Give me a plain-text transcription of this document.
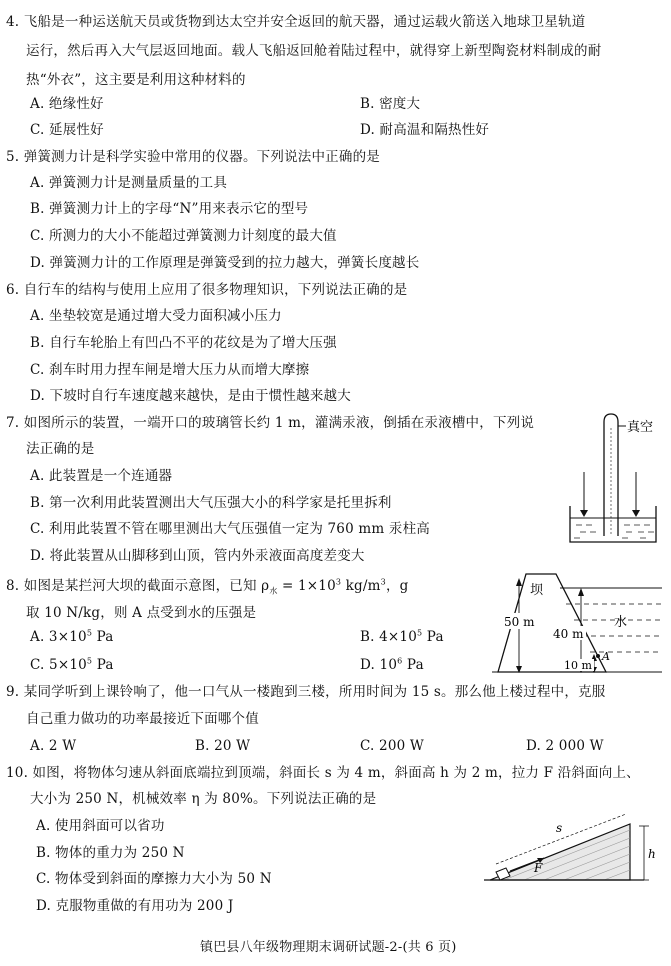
4. 飞船是一种运送航天员或货物到达太空并安全返回的航天器，通过运载火箭送入地球卫星轨道
运行，然后再入大气层返回地面。载人飞船返回舱着陆过程中，就得穿上新型陶瓷材料制成的耐
热“外衣”，这主要是利用这种材料的
A. 绝缘性好	B. 密度大
C. 延展性好	D. 耐高温和隔热性好
5. 弹簧测力计是科学实验中常用的仪器。下列说法中正确的是
A. 弹簧测力计是测量质量的工具
B. 弹簧测力计上的字母“N”用来表示它的型号
C. 所测力的大小不能超过弹簧测力计刻度的最大值
D. 弹簧测力计的工作原理是弹簧受到的拉力越大，弹簧长度越长
6. 自行车的结构与使用上应用了很多物理知识，下列说法正确的是
A. 坐垫较宽是通过增大受力面积减小压力
B. 自行车轮胎上有凹凸不平的花纹是为了增大压强
C. 刹车时用力捏车闸是增大压力从而增大摩擦
D. 下坡时自行车速度越来越快，是由于惯性越来越大
7. 如图所示的装置，一端开口的玻璃管长约 1 m，灌满汞液，倒插在汞液槽中，下列说
法正确的是
A. 此装置是一个连通器
B. 第一次利用此装置测出大气压强大小的科学家是托里拆利
C. 利用此装置不管在哪里测出大气压强值一定为 760 mm 汞柱高
D. 将此装置从山脚移到山顶，管内外汞液面高度差变大
真空
8. 如图是某拦河大坝的截面示意图，已知 $\rho_水 = 1\times 10^3$ $kg/m^3$，g
取 10 N/kg，则 A 点受到水的压强是
A. $3\times 10^5$ Pa	B. $4\times 10^5$ Pa
C. $5\times 10^5$ Pa	D. $10^6$ Pa
坝
50 m	水
40 m
10 m
A
9. 某同学听到上课铃响了，他一口气从一楼跑到三楼，所用时间为 15 s。那么他上楼过程中，克服
自己重力做功的功率最接近下面哪个值
A. 2 W	B. 20 W	C. 200 W	D. 2 000 W
10. 如图，将物体匀速从斜面底端拉到顶端，斜面长 s 为 4 m，斜面高 h 为 2 m，拉力 F 沿斜面向上、
大小为 250 N，机械效率 η 为 80%。下列说法正确的是
A. 使用斜面可以省功
B. 物体的重力为 250 N
C. 物体受到斜面的摩擦力大小为 50 N
D. 克服物重做的有用功为 200 J
F
s
h
镇巴县八年级物理期末调研试题-2-(共 6 页)
